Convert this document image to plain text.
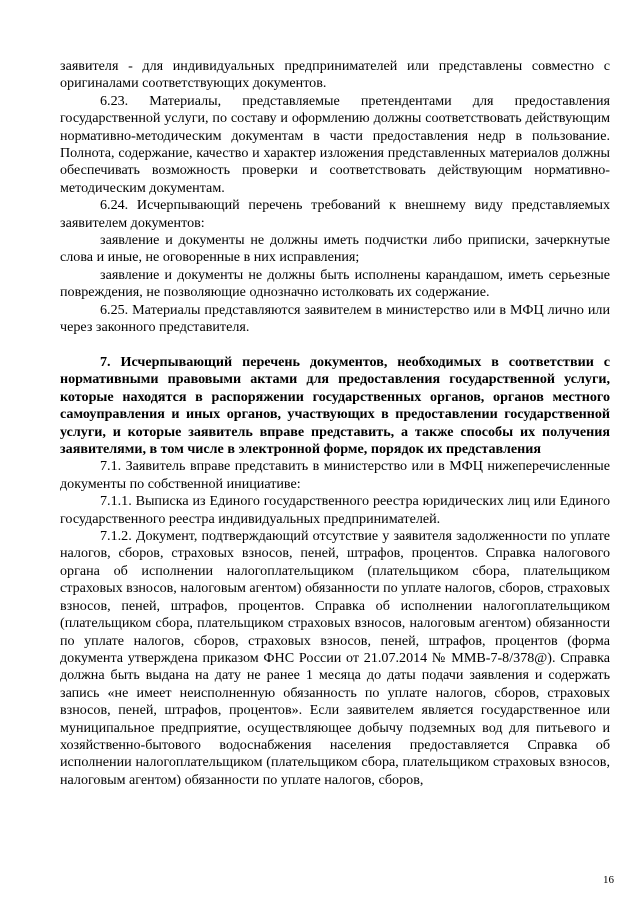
заявителя - для индивидуальных предпринимателей или представлены совместно с оригиналами соответствующих документов.

6.23. Материалы, представляемые претендентами для предоставления государственной услуги, по составу и оформлению должны соответствовать действующим нормативно-методическим документам в части предоставления недр в пользование. Полнота, содержание, качество и характер изложения представленных материалов должны обеспечивать возможность проверки и соответствовать действующим нормативно-методическим документам.

6.24. Исчерпывающий перечень требований к внешнему виду представляемых заявителем документов:

заявление и документы не должны иметь подчистки либо приписки, зачеркнутые слова и иные, не оговоренные в них исправления;

заявление и документы не должны быть исполнены карандашом, иметь серьезные повреждения, не позволяющие однозначно истолковать их содержание.

6.25. Материалы представляются заявителем в министерство или в МФЦ лично или через законного представителя.

7. Исчерпывающий перечень документов, необходимых в соответствии с нормативными правовыми актами для предоставления государственной услуги, которые находятся в распоряжении государственных органов, органов местного самоуправления и иных органов, участвующих в предоставлении государственной услуги, и которые заявитель вправе представить, а также способы их получения заявителями, в том числе в электронной форме, порядок их представления

7.1. Заявитель вправе представить в министерство или в МФЦ нижеперечисленные документы по собственной инициативе:

7.1.1. Выписка из Единого государственного реестра юридических лиц или Единого государственного реестра индивидуальных предпринимателей.

7.1.2. Документ, подтверждающий отсутствие у заявителя задолженности по уплате налогов, сборов, страховых взносов, пеней, штрафов, процентов. Справка налогового органа об исполнении налогоплательщиком (плательщиком сбора, плательщиком страховых взносов, налоговым агентом) обязанности по уплате налогов, сборов, страховых взносов, пеней, штрафов, процентов. Справка об исполнении налогоплательщиком (плательщиком сбора, плательщиком страховых взносов, налоговым агентом) обязанности по уплате налогов, сборов, страховых взносов, пеней, штрафов, процентов (форма документа утверждена приказом ФНС России от 21.07.2014 № ММВ-7-8/378@). Справка должна быть выдана на дату не ранее 1 месяца до даты подачи заявления и содержать запись «не имеет неисполненную обязанность по уплате налогов, сборов, страховых взносов, пеней, штрафов, процентов». Если заявителем является государственное или муниципальное предприятие, осуществляющее добычу подземных вод для питьевого и хозяйственно-бытового водоснабжения населения предоставляется Справка об исполнении налогоплательщиком (плательщиком сбора, плательщиком страховых взносов, налоговым агентом) обязанности по уплате налогов, сборов,

16
